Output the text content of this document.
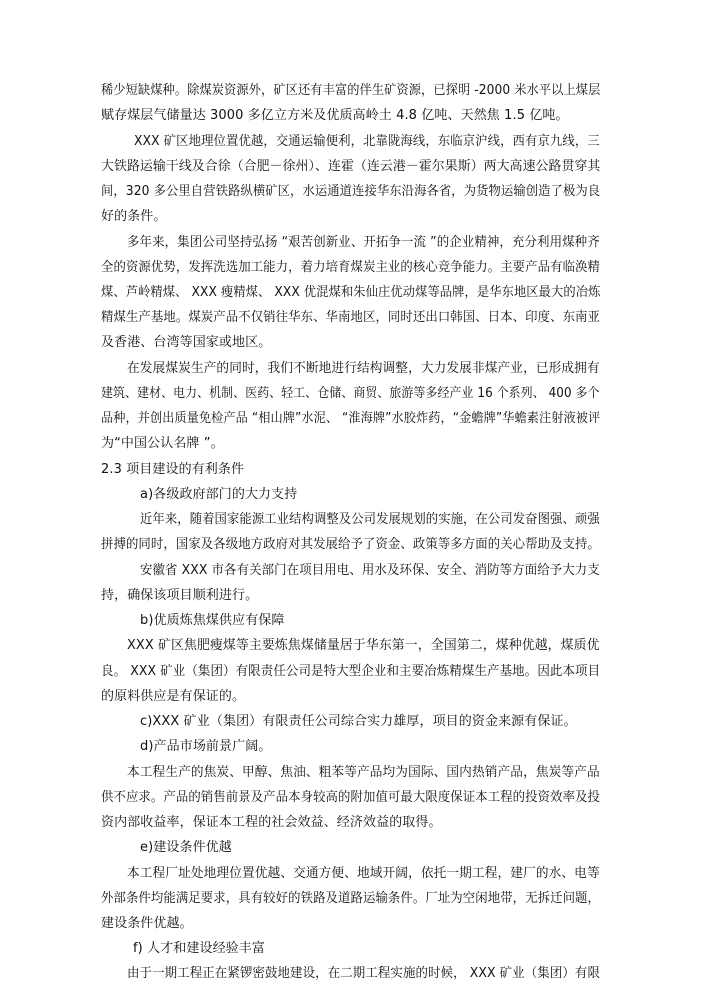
稀少短缺煤种。除煤炭资源外，矿区还有丰富的伴生矿资源，已探明 -2000 米水平以上煤层
赋存煤层气储量达 3000 多亿立方米及优质高岭土 4.8 亿吨、天然焦 1.5 亿吨。
XXX 矿区地理位置优越，交通运输便利，北靠陇海线，东临京沪线，西有京九线，三
大铁路运输干线及合徐（合肥－徐州）、连霍（连云港－霍尔果斯）两大高速公路贯穿其
间，320 多公里自营铁路纵横矿区，水运通道连接华东沿海各省，为货物运输创造了极为良
好的条件。
多年来，集团公司坚持弘扬 “艰苦创新业、开拓争一流 ”的企业精神，充分利用煤种齐
全的资源优势，发挥洗选加工能力，着力培育煤炭主业的核心竞争能力。主要产品有临涣精
煤、芦岭精煤、 XXX 瘦精煤、 XXX 优混煤和朱仙庄优动煤等品牌，是华东地区最大的冶炼
精煤生产基地。煤炭产品不仅销往华东、华南地区，同时还出口韩国、日本、印度、东南亚
及香港、台湾等国家或地区。
在发展煤炭生产的同时，我们不断地进行结构调整，大力发展非煤产业，已形成拥有
建筑、建材、电力、机制、医药、轻工、仓储、商贸、旅游等多经产业 16 个系列、 400 多个
品种，并创出质量免检产品 “相山牌”水泥、 “淮海牌”水胶炸药，“金蟾牌”华蟾素注射液被评
为“中国公认名牌 ”。
2.3 项目建设的有利条件
a)各级政府部门的大力支持
近年来，随着国家能源工业结构调整及公司发展规划的实施，在公司发奋图强、顽强
拼搏的同时，国家及各级地方政府对其发展给予了资金、政策等多方面的关心帮助及支持。
安徽省 XXX 市各有关部门在项目用电、用水及环保、安全、消防等方面给予大力支
持，确保该项目顺利进行。
b)优质炼焦煤供应有保障
XXX 矿区焦肥瘦煤等主要炼焦煤储量居于华东第一，全国第二，煤种优越，煤质优
良。 XXX 矿业（集团）有限责任公司是特大型企业和主要冶炼精煤生产基地。因此本项目
的原料供应是有保证的。
c)XXX 矿业（集团）有限责任公司综合实力雄厚，项目的资金来源有保证。
d)产品市场前景广阔。
本工程生产的焦炭、甲醇、焦油、粗苯等产品均为国际、国内热销产品，焦炭等产品
供不应求。产品的销售前景及产品本身较高的附加值可最大限度保证本工程的投资效率及投
资内部收益率，保证本工程的社会效益、经济效益的取得。
e)建设条件优越
本工程厂址处地理位置优越、交通方便、地域开阔，依托一期工程，建厂的水、电等
外部条件均能满足要求，具有较好的铁路及道路运输条件。厂址为空闲地带，无拆迁问题，
建设条件优越。
f) 人才和建设经验丰富
由于一期工程正在紧锣密鼓地建设，在二期工程实施的时候， XXX 矿业（集团）有限
